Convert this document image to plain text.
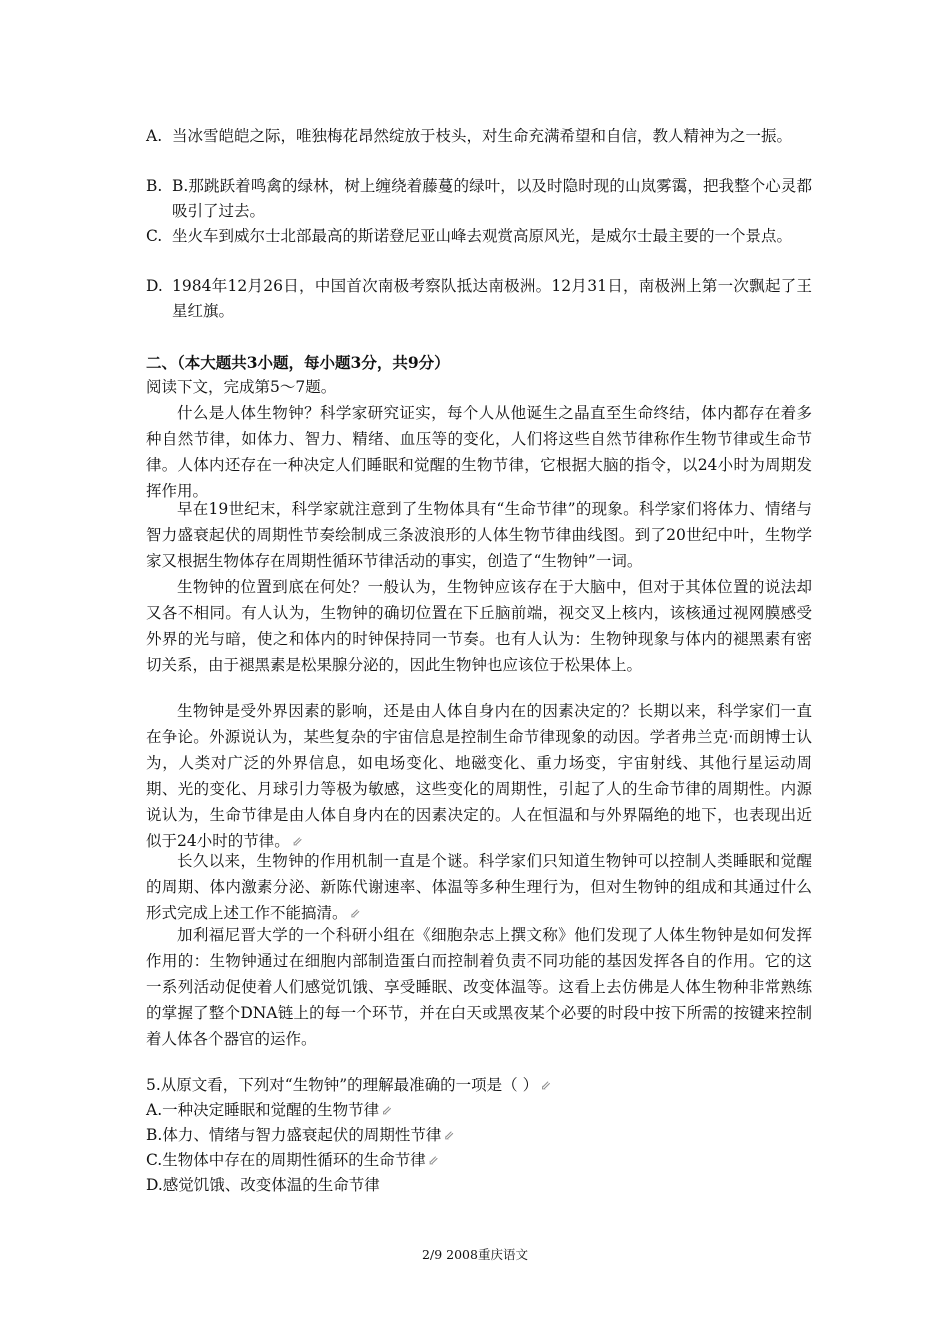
A. 当冰雪皑皑之际，唯独梅花昂然绽放于枝头，对生命充满希望和自信，教人精神为之一振。
B. B.那跳跃着鸣禽的绿林，树上缠绕着藤蔓的绿叶，以及时隐时现的山岚雾霭，把我整个心灵都吸引了过去。
C. 坐火车到威尔士北部最高的斯诺登尼亚山峰去观赏高原风光，是威尔士最主要的一个景点。
D. 1984年12月26日，中国首次南极考察队抵达南极洲。12月31日，南极洲上第一次飘起了王星红旗。
二、（本大题共3小题，每小题3分，共9分）
阅读下文，完成第5～7题。
什么是人体生物钟？科学家研究证实，每个人从他诞生之晶直至生命终结，体内都存在着多种自然节律，如体力、智力、精绪、血压等的变化，人们将这些自然节律称作生物节律或生命节律。人体内还存在一种决定人们睡眠和觉醒的生物节律，它根据大脑的指令，以24小时为周期发挥作用。
早在19世纪末，科学家就注意到了生物体具有“生命节律”的现象。科学家们将体力、情绪与智力盛衰起伏的周期性节奏绘制成三条波浪形的人体生物节律曲线图。到了20世纪中叶，生物学家又根据生物体存在周期性循环节律活动的事实，创造了“生物钟”一词。
生物钟的位置到底在何处？一般认为，生物钟应该存在于大脑中，但对于其体位置的说法却又各不相同。有人认为，生物钟的确切位置在下丘脑前端，视交叉上核内，该核通过视网膜感受外界的光与暗，使之和体内的时钟保持同一节奏。也有人认为：生物钟现象与体内的褪黑素有密切关系，由于褪黑素是松果腺分泌的，因此生物钟也应该位于松果体上。
生物钟是受外界因素的影响，还是由人体自身内在的因素决定的？长期以来，科学家们一直在争论。外源说认为，某些复杂的宇宙信息是控制生命节律现象的动因。学者弗兰克·而朗博士认为，人类对广泛的外界信息，如电场变化、地磁变化、重力场变，宇宙射线、其他行星运动周期、光的变化、月球引力等极为敏感，这些变化的周期性，引起了人的生命节律的周期性。内源说认为，生命节律是由人体自身内在的因素决定的。人在恒温和与外界隔绝的地下，也表现出近似于24小时的节律。 ⇙
长久以来，生物钟的作用机制一直是个谜。科学家们只知道生物钟可以控制人类睡眠和觉醒的周期、体内激素分泌、新陈代谢速率、体温等多种生理行为，但对生物钟的组成和其通过什么形式完成上述工作不能搞清。 ⇙
加利福尼晋大学的一个科研小组在《细胞杂志上撰文称》他们发现了人体生物钟是如何发挥作用的：生物钟通过在细胞内部制造蛋白而控制着负责不同功能的基因发挥各自的作用。它的这一系列活动促使着人们感觉饥饿、享受睡眠、改变体温等。这看上去仿佛是人体生物种非常熟练的掌握了整个DNA链上的每一个环节，并在白天或黑夜某个必要的时段中按下所需的按键来控制着人体各个器官的运作。
5.从原文看，下列对“生物钟”的理解最准确的一项是（ ） ⇙
A.一种决定睡眠和觉醒的生物节律 ⇙
B.体力、情绪与智力盛衰起伏的周期性节律 ⇙
C.生物体中存在的周期性循环的生命节律 ⇙
D.感觉饥饿、改变体温的生命节律
2/9 2008重庆语文
